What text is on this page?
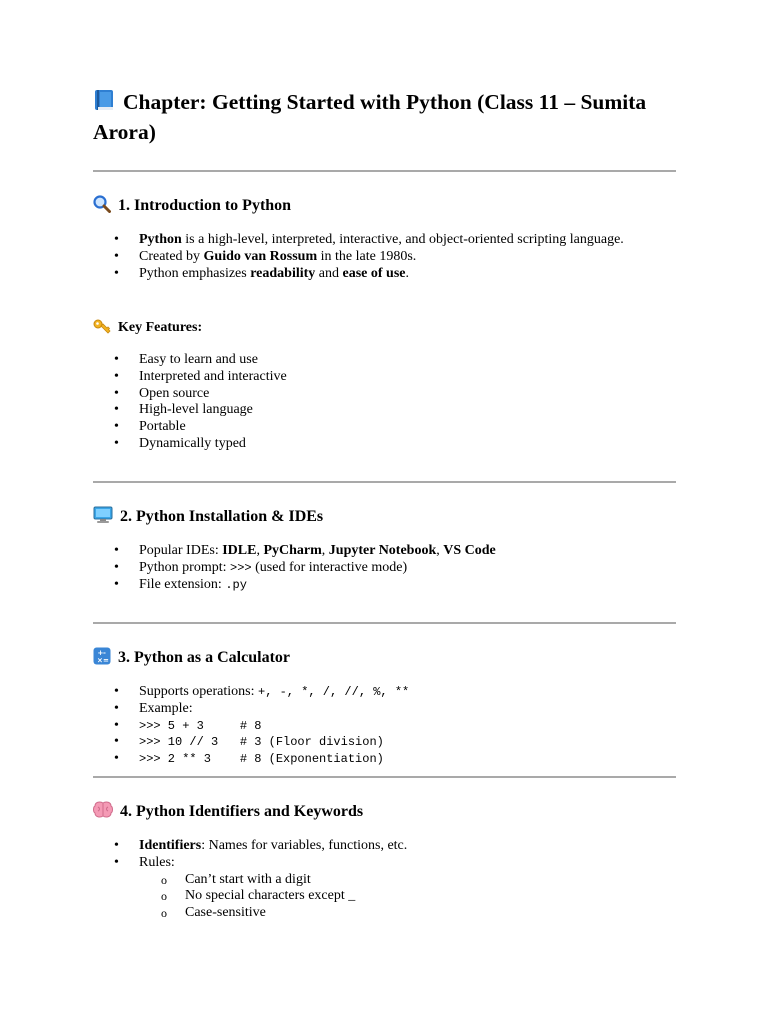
Chapter: Getting Started with Python (Class 11 – Sumita Arora)
1. Introduction to Python
• Python is a high-level, interpreted, interactive, and object-oriented scripting language.
• Created by Guido van Rossum in the late 1980s.
• Python emphasizes readability and ease of use.
Key Features:
• Easy to learn and use
• Interpreted and interactive
• Open source
• High-level language
• Portable
• Dynamically typed
2. Python Installation & IDEs
• Popular IDEs: IDLE, PyCharm, Jupyter Notebook, VS Code
• Python prompt: >>> (used for interactive mode)
• File extension: .py
+ -
× = 3. Python as a Calculator
• Supports operations: +, -, *, /, //, %, **
• Example:
• >>> 5 + 3     # 8
• >>> 10 // 3   # 3 (Floor division)
• >>> 2 ** 3    # 8 (Exponentiation)
4. Python Identifiers and Keywords
• Identifiers: Names for variables, functions, etc.
• Rules:
o Can’t start with a digit
o No special characters except _
o Case-sensitive
